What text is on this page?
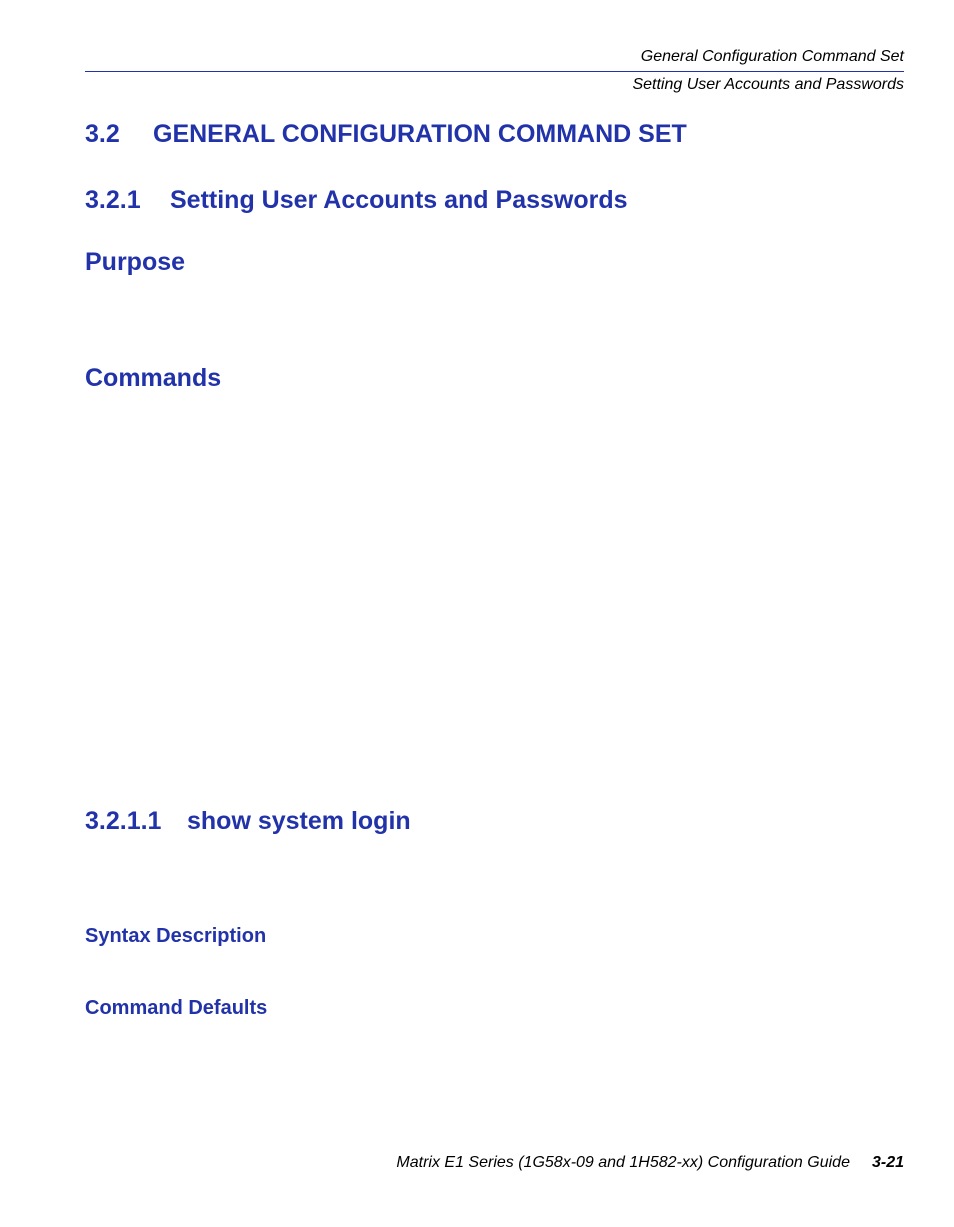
General Configuration Command Set
Setting User Accounts and Passwords
3.2 GENERAL CONFIGURATION COMMAND SET
3.2.1 Setting User Accounts and Passwords
Purpose
Commands
3.2.1.1 show system login
Syntax Description
Command Defaults
Matrix E1 Series (1G58x-09 and 1H582-xx) Configuration Guide 3-21
